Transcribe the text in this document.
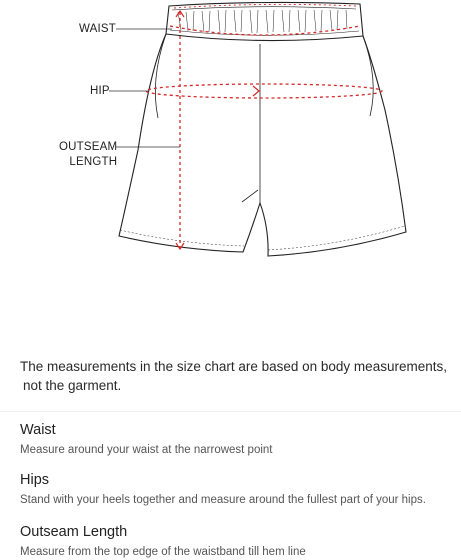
WAIST
HIP
OUTSEAM
LENGTH
The measurements in the size chart are based on body measurements,
not the garment.
Waist
Measure around your waist at the narrowest point
Hips
Stand with your heels together and measure around the fullest part of your hips.
Outseam Length
Measure from the top edge of the waistband till hem line
